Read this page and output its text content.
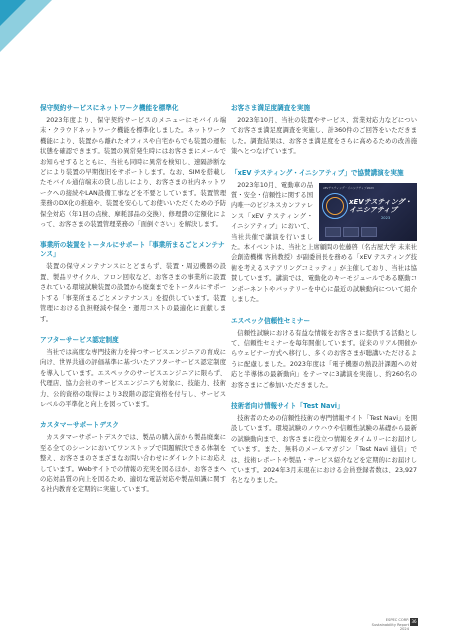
保守契約サービスにネットワーク機能を標準化

2023年度より、保守契約サービスのメニューにモバイル端末・クラウドネットワーク機能を標準化しました。ネットワーク機能により、装置から離れたオフィスや自宅からでも装置の運転状態を確認できます。装置の異常発生時にはお客さまにメールでお知らせするとともに、当社も同時に異常を検知し、速隔診断などにより装置の早期復旧をサポートします。なお、SIMを搭載したモバイル通信端末の貸し出しにより、お客さまの社内ネットワークへの接続やLAN設備工事などを不要としています。装置管理業務のDX化の推進や、装置を安心してお使いいただくための予防保全対応（年1回の点検、摩耗部品の交換）、修理費の定額化によって、お客さまの装置管理業務の「面倒ぐさい」を解決します。

事業所の装置をトータルにサポート「事業所まるごとメンテナンス」

装置の保守メンテナンスにとどまらず、装置・周辺機器の設置、製品リサイクル、フロン回収など、お客さまの事業所に設置されている環境試験装置の設置から廃棄までをトータルにサポートする「事業所まるごとメンテナンス」を提供しています。装置管理における負担軽減や保全・運用コストの最適化に貢献します。

アフターサービス認定制度

当社では高度な専門技術力を持つサービスエンジニアの育成に向け、世界共通の評価基準に基づいたアフターサービス認定制度を導入しています。エスペックのサービスエンジニアに限らず、代理店、協力会社のサービスエンジニアも対象に、技能力、技術力、公的資格の取得により3段階の認定資格を付与し、サービスレベルの平準化と向上を図っています。

カスタマーサポートデスク

カスタマーサポートデスクでは、製品の購入前から製品廃棄に至る全てのシーンにおいてワンストップで問題解決できる体制を整え、お客さまのさまざまなお問い合わせにダイレクトにお応えしています。Webサイトでの情報の充実を図るほか、お客さまへの応対品質の向上を図るため、適切な電話対応や製品知識に関する社内教育を定期的に実施しています。

お客さま満足度調査を実施

2023年10月、当社の装置やサービス、営業対応力などについてお客さま満足度調査を実施し、計360件のご回答をいただきました。調査結果は、お客さま満足度をさらに高めるための改善施策へとつなげています。

「xEV テスティング・イニシアティブ」で協賛講演を実施
xEVテスティング・イニシアティブ2023
xEVテスティング・イニシアティブ
2023

2023年10月、電動車の品質・安全・信頼性に関する国内唯一のビジネスカンファレンス「xEV テスティング・イニシアティブ」において、当社共催で講演を行いました。本イベントは、当社と上席顧問の佐藤啓（名古屋大学 未来社会創造機構 客員教授）が副委員長を務める「xEV テスティング技術を考えるステアリングコミッティ」が主催しており、当社は協賛しています。講演では、電動化のキーモジュールである駆動コンポーネントやバッテリーを中心に最近の試験動向について紹介しました。

エスペック信頼性セミナー

信頼性試験における有益な情報をお客さまに提供する活動として、信頼性セミナーを毎年開催しています。従来のリアル開催からウェビナー方式へ移行し、多くのお客さまが聴講いただけるように配慮しました。2023年度は「電子機器の熱設計課題への対応と半導体の最新動向」をテーマに3講演を実施し、約260名のお客さまにご参加いただきました。

技術者向け情報サイト「Test Navi」

技術者のための信頼性技術の専門情報サイト「Test Navi」を開設しています。環境試験のノウハウや信頼性試験の基礎から最新の試験動向まで、お客さまに役立つ情報をタイムリーにお届けしています。また、無料のメールマガジン「Test Navi 通信」では、技術レポートや製品・サービス紹介などを定期的にお届けしています。2024年3月末現在における会員登録者数は、23,927名となりました。

ESPEC CORP.
Sustainability Report
2024
36
